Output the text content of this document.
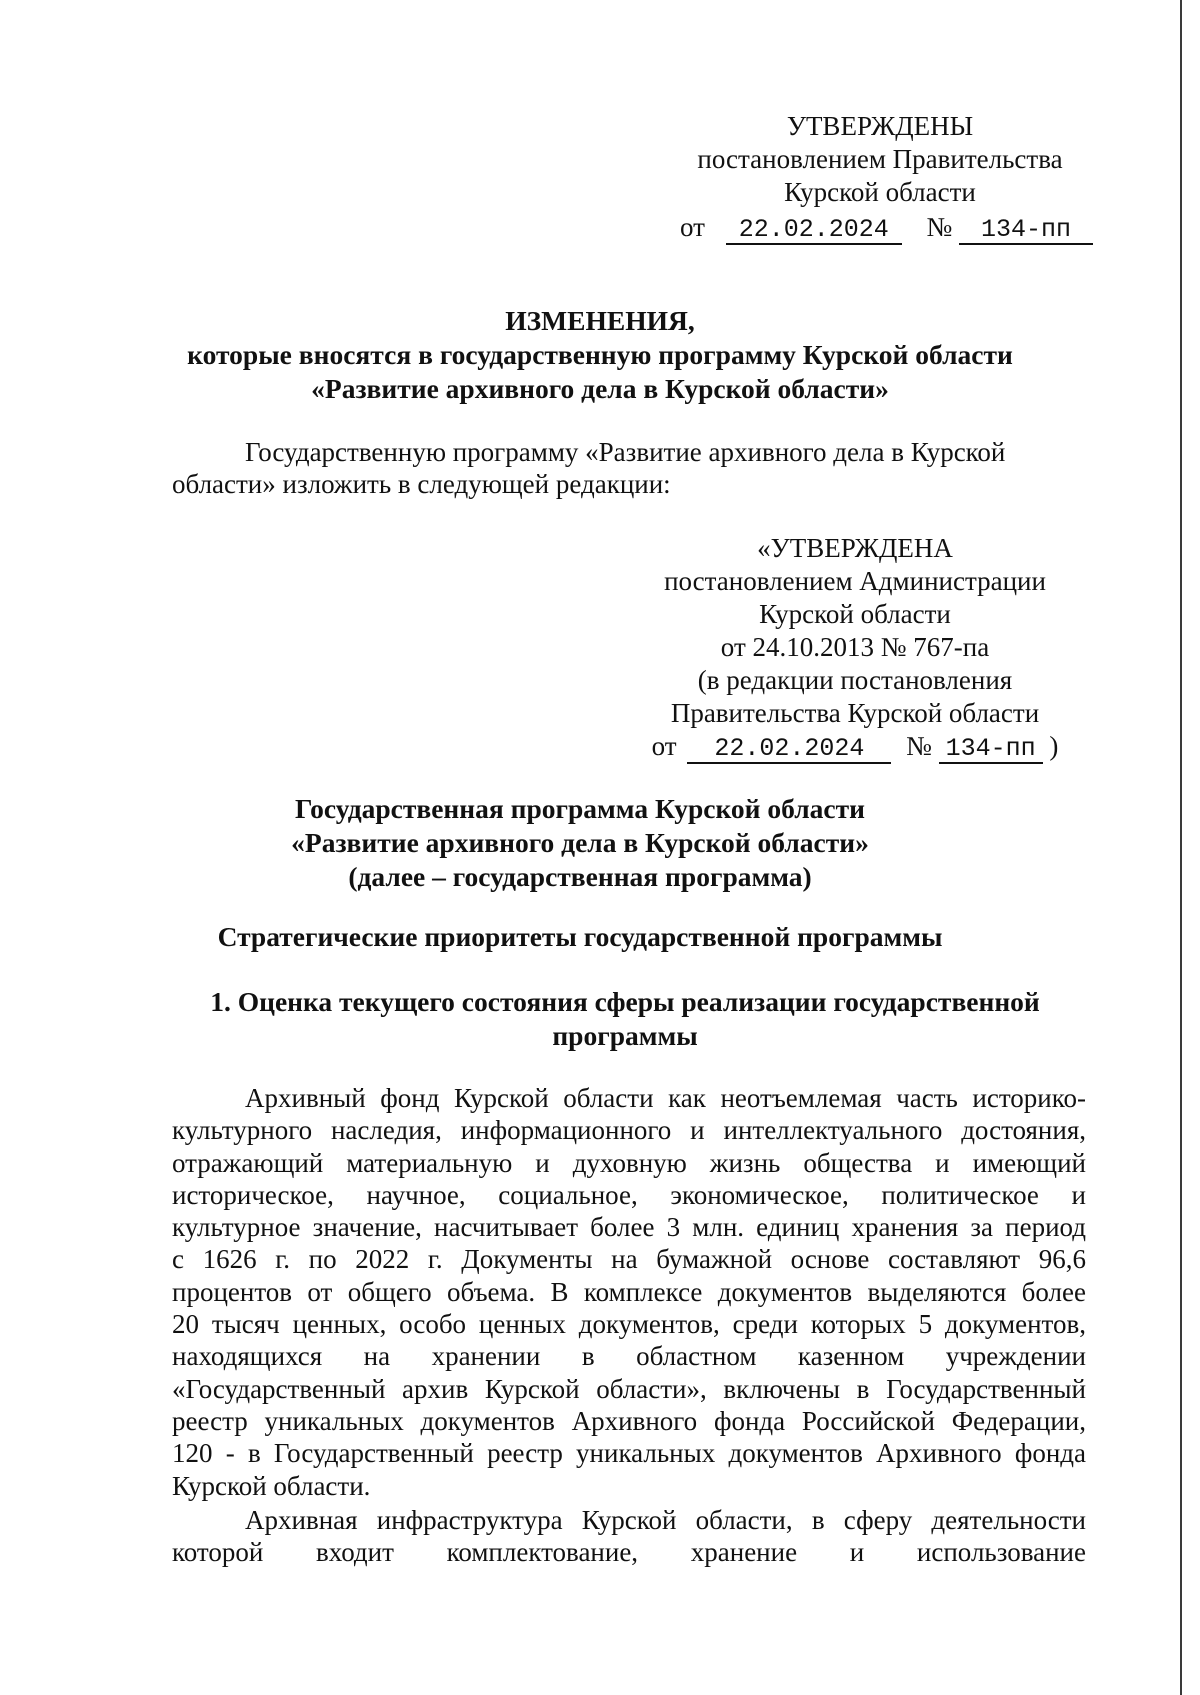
УТВЕРЖДЕНЫ
постановлением Правительства
Курской области
от 22.02.2024 № 134-пп
ИЗМЕНЕНИЯ,
которые вносятся в государственную программу Курской области
«Развитие архивного дела в Курской области»

Государственную программу «Развитие архивного дела в Курской

области» изложить в следующей редакции:

«УТВЕРЖДЕНА
постановлением Администрации
Курской области
от 24.10.2013 № 767-па
(в редакции постановления
Правительства Курской области
от 22.02.2024 № 134-пп )
Государственная программа Курской области
«Развитие архивного дела в Курской области»
(далее – государственная программа)
Стратегические приоритеты государственной программы
1. Оценка текущего состояния сферы реализации государственной
программы

Архивный фонд Курской области как неотъемлемая часть историко-

культурного наследия, информационного и интеллектуального достояния,

отражающий материальную и духовную жизнь общества и имеющий

историческое, научное, социальное, экономическое, политическое и

культурное значение, насчитывает более 3 млн. единиц хранения за период

с 1626 г. по 2022 г. Документы на бумажной основе составляют 96,6

процентов от общего объема. В комплексе документов выделяются более

20 тысяч ценных, особо ценных документов, среди которых 5 документов,

находящихся на хранении в областном казенном учреждении

«Государственный архив Курской области», включены в Государственный

реестр уникальных документов Архивного фонда Российской Федерации,

120 - в Государственный реестр уникальных документов Архивного фонда

Курской области.

Архивная инфраструктура Курской области, в сферу деятельности

которой входит комплектование, хранение и использование
